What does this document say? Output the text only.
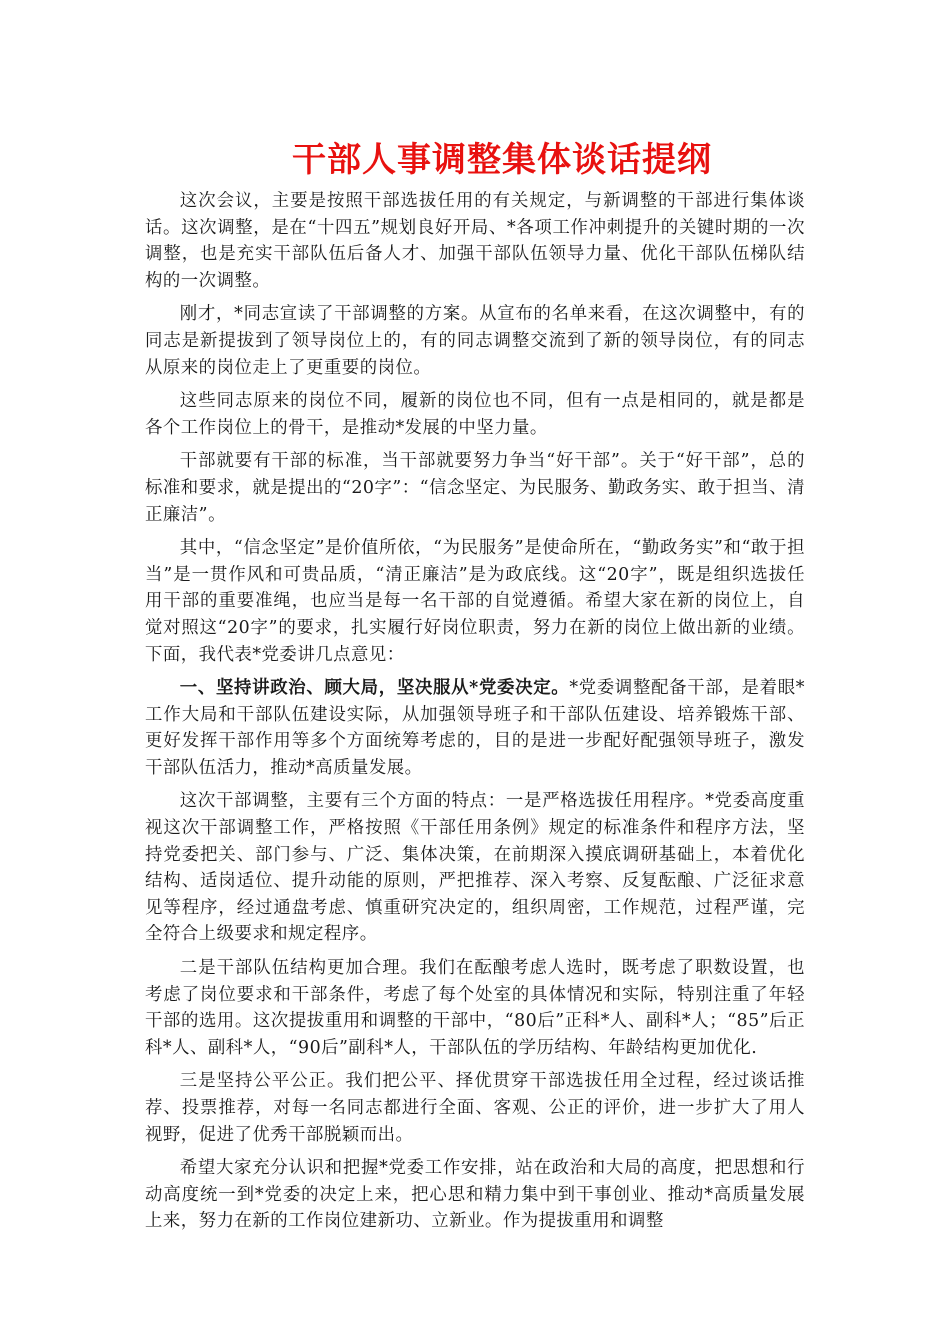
干部人事调整集体谈话提纲

这次会议，主要是按照干部选拔任用的有关规定，与新调整的干部进行集体谈话。这次调整，是在“十四五”规划良好开局、*各项工作冲刺提升的关键时期的一次调整，也是充实干部队伍后备人才、加强干部队伍领导力量、优化干部队伍梯队结构的一次调整。

刚才，*同志宣读了干部调整的方案。从宣布的名单来看，在这次调整中，有的同志是新提拔到了领导岗位上的，有的同志调整交流到了新的领导岗位，有的同志从原来的岗位走上了更重要的岗位。

这些同志原来的岗位不同，履新的岗位也不同，但有一点是相同的，就是都是各个工作岗位上的骨干，是推动*发展的中坚力量。

干部就要有干部的标准，当干部就要努力争当“好干部”。关于“好干部”，总的标准和要求，就是提出的“20字”：“信念坚定、为民服务、勤政务实、敢于担当、清正廉洁”。

其中，“信念坚定”是价值所依，“为民服务”是使命所在，“勤政务实”和“敢于担当”是一贯作风和可贵品质，“清正廉洁”是为政底线。这“20字”，既是组织选拔任用干部的重要准绳，也应当是每一名干部的自觉遵循。希望大家在新的岗位上，自觉对照这“20字”的要求，扎实履行好岗位职责，努力在新的岗位上做出新的业绩。下面，我代表*党委讲几点意见：

一、坚持讲政治、顾大局，坚决服从*党委决定。*党委调整配备干部，是着眼*工作大局和干部队伍建设实际，从加强领导班子和干部队伍建设、培养锻炼干部、更好发挥干部作用等多个方面统筹考虑的，目的是进一步配好配强领导班子，激发干部队伍活力，推动*高质量发展。

这次干部调整，主要有三个方面的特点：一是严格选拔任用程序。*党委高度重视这次干部调整工作，严格按照《干部任用条例》规定的标准条件和程序方法，坚持党委把关、部门参与、广泛、集体决策，在前期深入摸底调研基础上，本着优化结构、适岗适位、提升动能的原则，严把推荐、深入考察、反复酝酿、广泛征求意见等程序，经过通盘考虑、慎重研究决定的，组织周密，工作规范，过程严谨，完全符合上级要求和规定程序。

二是干部队伍结构更加合理。我们在酝酿考虑人选时，既考虑了职数设置，也考虑了岗位要求和干部条件，考虑了每个处室的具体情况和实际，特别注重了年轻干部的选用。这次提拔重用和调整的干部中，“80后”正科*人、副科*人；“85”后正科*人、副科*人，“90后”副科*人，干部队伍的学历结构、年龄结构更加优化.

三是坚持公平公正。我们把公平、择优贯穿干部选拔任用全过程，经过谈话推荐、投票推荐，对每一名同志都进行全面、客观、公正的评价，进一步扩大了用人视野，促进了优秀干部脱颖而出。

希望大家充分认识和把握*党委工作安排，站在政治和大局的高度，把思想和行动高度统一到*党委的决定上来，把心思和精力集中到干事创业、推动*高质量发展上来，努力在新的工作岗位建新功、立新业。作为提拔重用和调整
